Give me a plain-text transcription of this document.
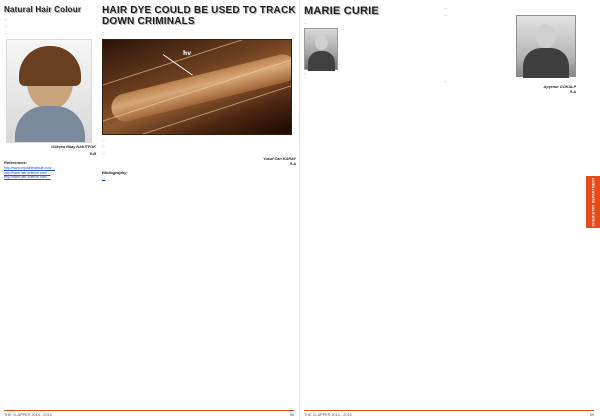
Natural Hair Colour

…

…

…

Gökçen Nilay NAKITFOK
9-B
References:
http://www.explainthatstuff.com/…
http://www.hair-science.com/…
http://www.hair-science.com/…
HAIR DYE COULD BE USED TO TRACK DOWN CRIMINALS

…

hv

…

…

…

Yusuf Can KARAY
9-A
Bibliography:
…
THE CLAPPER 2014 - 2015	58
MARIE CURIE

…

…

…

…

…

…

Ayşenur GÖKALP
9-A
CHEMISTRY DEPARTMENT
THE CLAPPER 2014 - 2015	59
